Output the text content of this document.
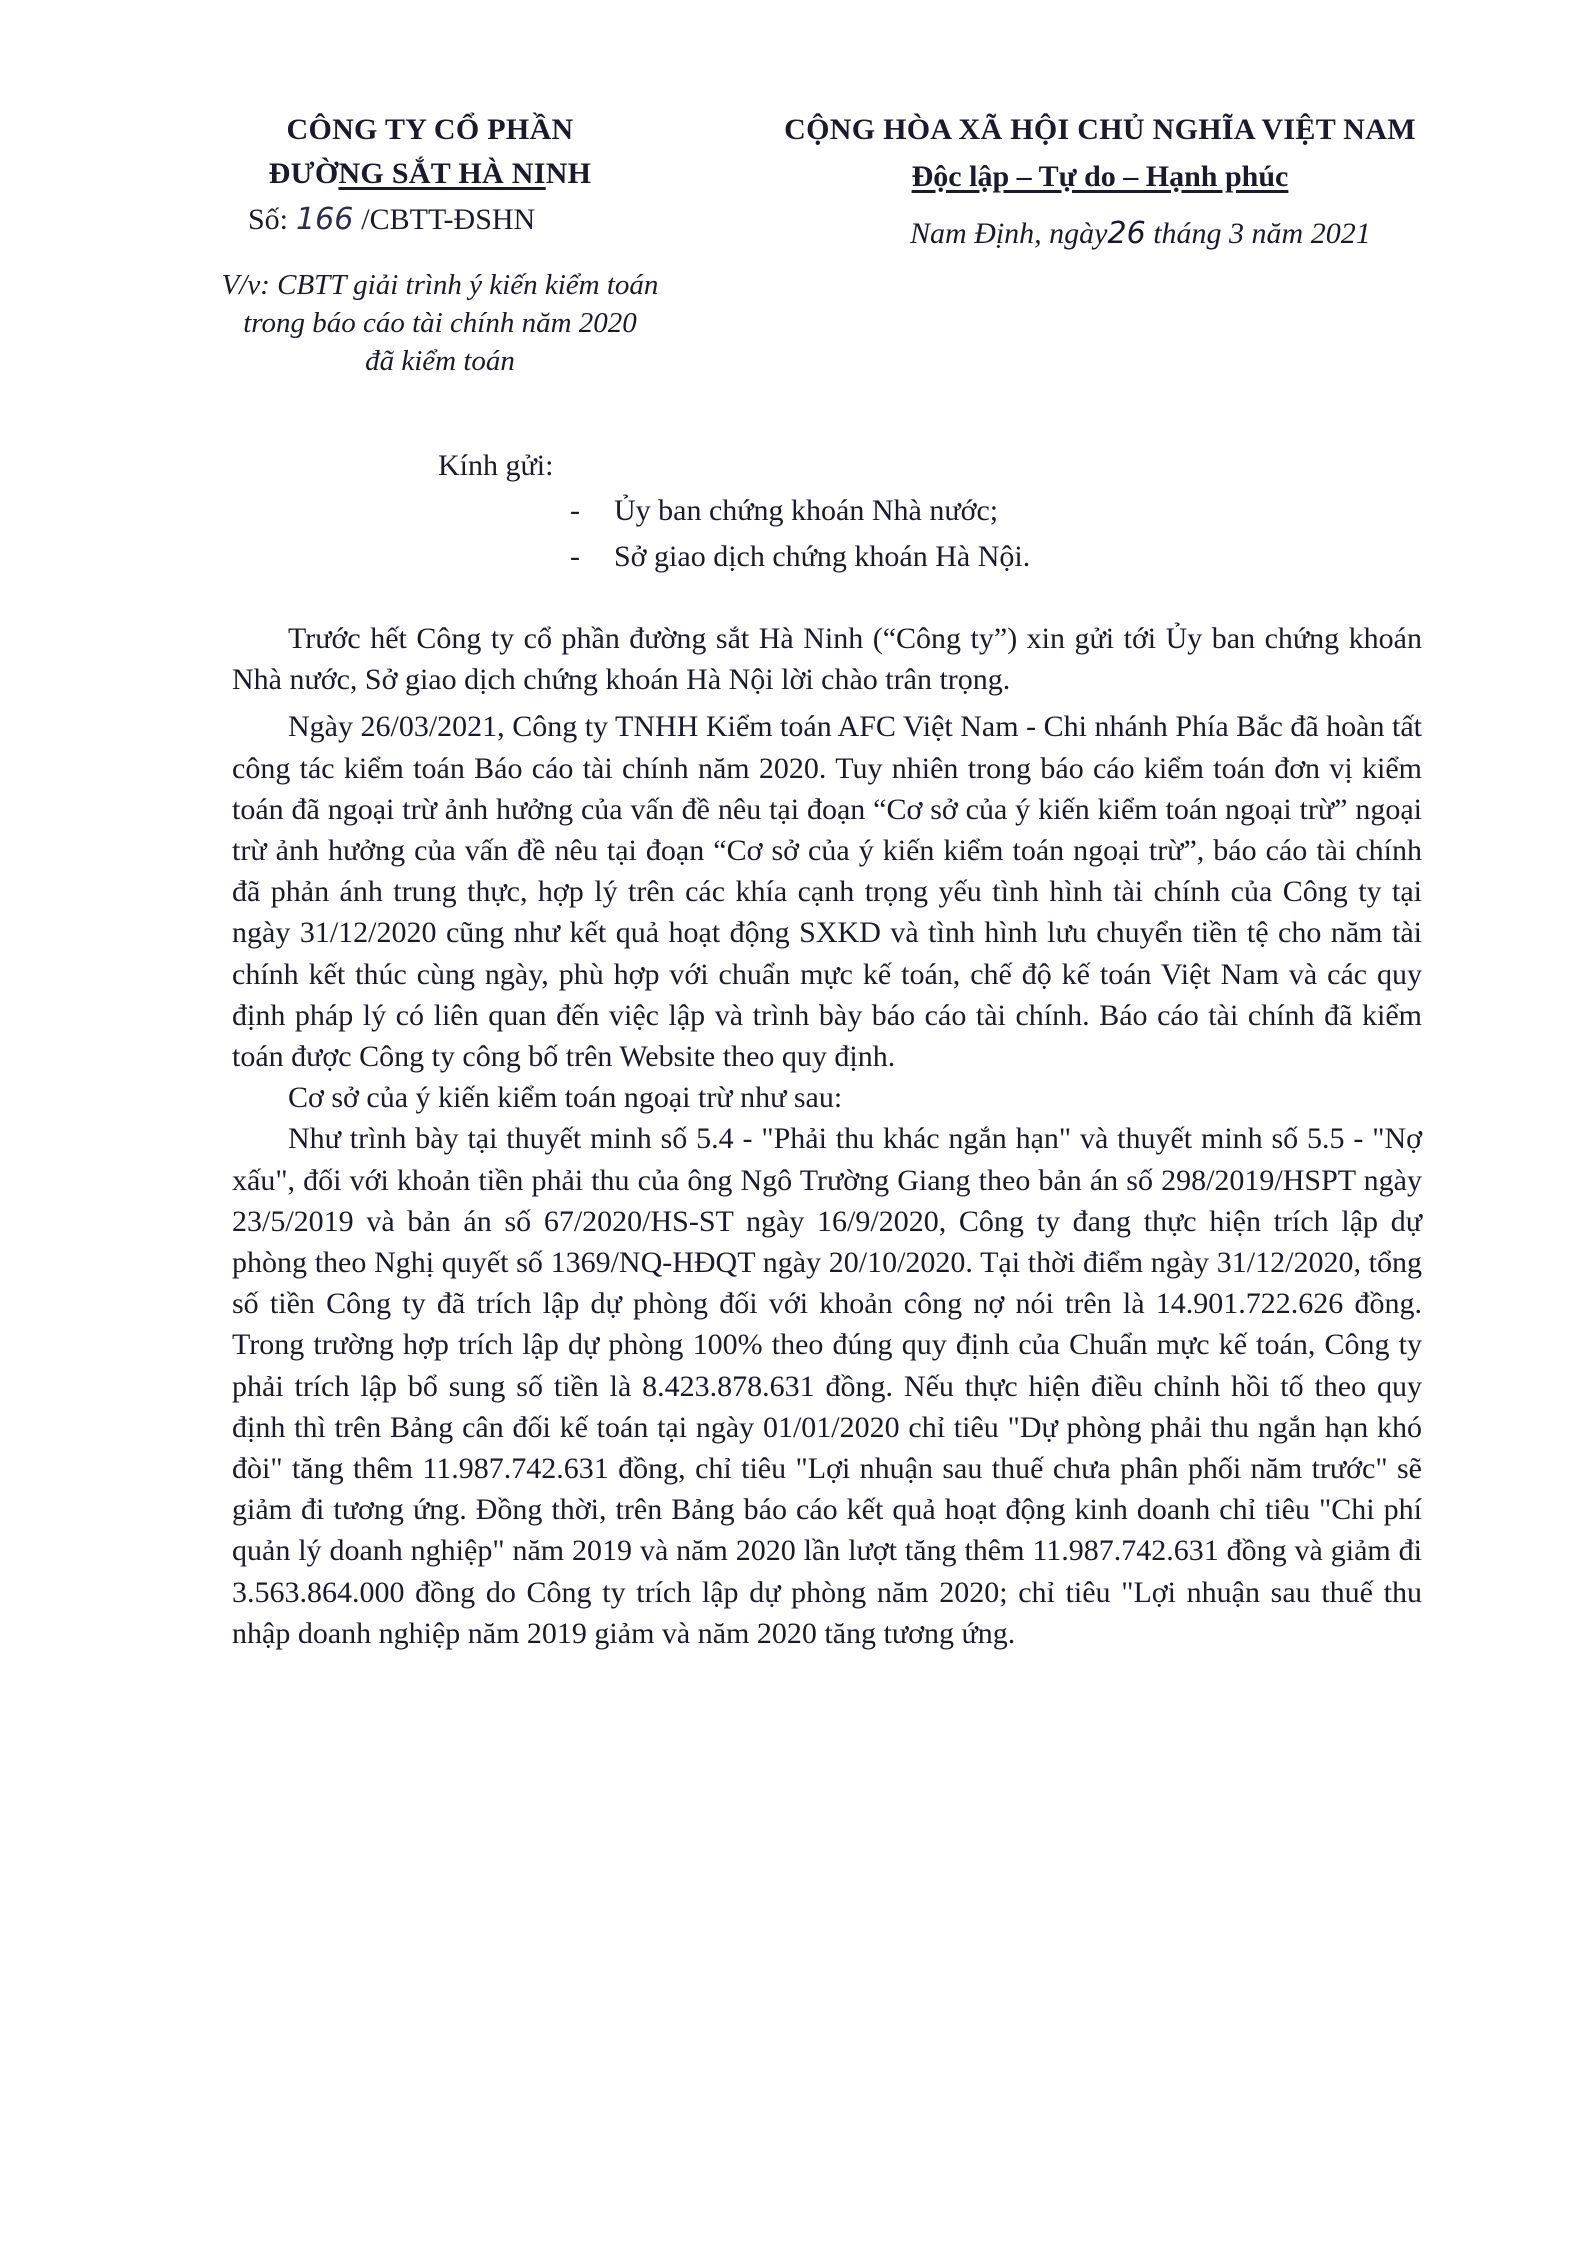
CÔNG TY CỔ PHẦN
ĐƯỜNG SẮT HÀ NINH
CỘNG HÒA XÃ HỘI CHỦ NGHĨA VIỆT NAM
Độc lập – Tự do – Hạnh phúc
Số: 166 /CBTT-ĐSHN	Nam Định, ngày26 tháng 3 năm 2021
V/v: CBTT giải trình ý kiến kiểm toán
trong báo cáo tài chính năm 2020
đã kiểm toán
Kính gửi:
- Ủy ban chứng khoán Nhà nước;
- Sở giao dịch chứng khoán Hà Nội.

Trước hết Công ty cổ phần đường sắt Hà Ninh (“Công ty”) xin gửi tới Ủy ban chứng khoán Nhà nước, Sở giao dịch chứng khoán Hà Nội lời chào trân trọng.

Ngày 26/03/2021, Công ty TNHH Kiểm toán AFC Việt Nam - Chi nhánh Phía Bắc đã hoàn tất công tác kiểm toán Báo cáo tài chính năm 2020. Tuy nhiên trong báo cáo kiểm toán đơn vị kiểm toán đã ngoại trừ ảnh hưởng của vấn đề nêu tại đoạn “Cơ sở của ý kiến kiểm toán ngoại trừ” ngoại trừ ảnh hưởng của vấn đề nêu tại đoạn “Cơ sở của ý kiến kiểm toán ngoại trừ”, báo cáo tài chính đã phản ánh trung thực, hợp lý trên các khía cạnh trọng yếu tình hình tài chính của Công ty tại ngày 31/12/2020 cũng như kết quả hoạt động SXKD và tình hình lưu chuyển tiền tệ cho năm tài chính kết thúc cùng ngày, phù hợp với chuẩn mực kế toán, chế độ kế toán Việt Nam và các quy định pháp lý có liên quan đến việc lập và trình bày báo cáo tài chính. Báo cáo tài chính đã kiểm toán được Công ty công bố trên Website theo quy định.

Cơ sở của ý kiến kiểm toán ngoại trừ như sau:

Như trình bày tại thuyết minh số 5.4 - "Phải thu khác ngắn hạn" và thuyết minh số 5.5 - "Nợ xấu", đối với khoản tiền phải thu của ông Ngô Trường Giang theo bản án số 298/2019/HSPT ngày 23/5/2019 và bản án số 67/2020/HS-ST ngày 16/9/2020, Công ty đang thực hiện trích lập dự phòng theo Nghị quyết số 1369/NQ-HĐQT ngày 20/10/2020. Tại thời điểm ngày 31/12/2020, tổng số tiền Công ty đã trích lập dự phòng đối với khoản công nợ nói trên là 14.901.722.626 đồng. Trong trường hợp trích lập dự phòng 100% theo đúng quy định của Chuẩn mực kế toán, Công ty phải trích lập bổ sung số tiền là 8.423.878.631 đồng. Nếu thực hiện điều chỉnh hồi tố theo quy định thì trên Bảng cân đối kế toán tại ngày 01/01/2020 chỉ tiêu "Dự phòng phải thu ngắn hạn khó đòi" tăng thêm 11.987.742.631 đồng, chỉ tiêu "Lợi nhuận sau thuế chưa phân phối năm trước" sẽ giảm đi tương ứng. Đồng thời, trên Bảng báo cáo kết quả hoạt động kinh doanh chỉ tiêu "Chi phí quản lý doanh nghiệp" năm 2019 và năm 2020 lần lượt tăng thêm 11.987.742.631 đồng và giảm đi 3.563.864.000 đồng do Công ty trích lập dự phòng năm 2020; chỉ tiêu "Lợi nhuận sau thuế thu nhập doanh nghiệp năm 2019 giảm và năm 2020 tăng tương ứng.
